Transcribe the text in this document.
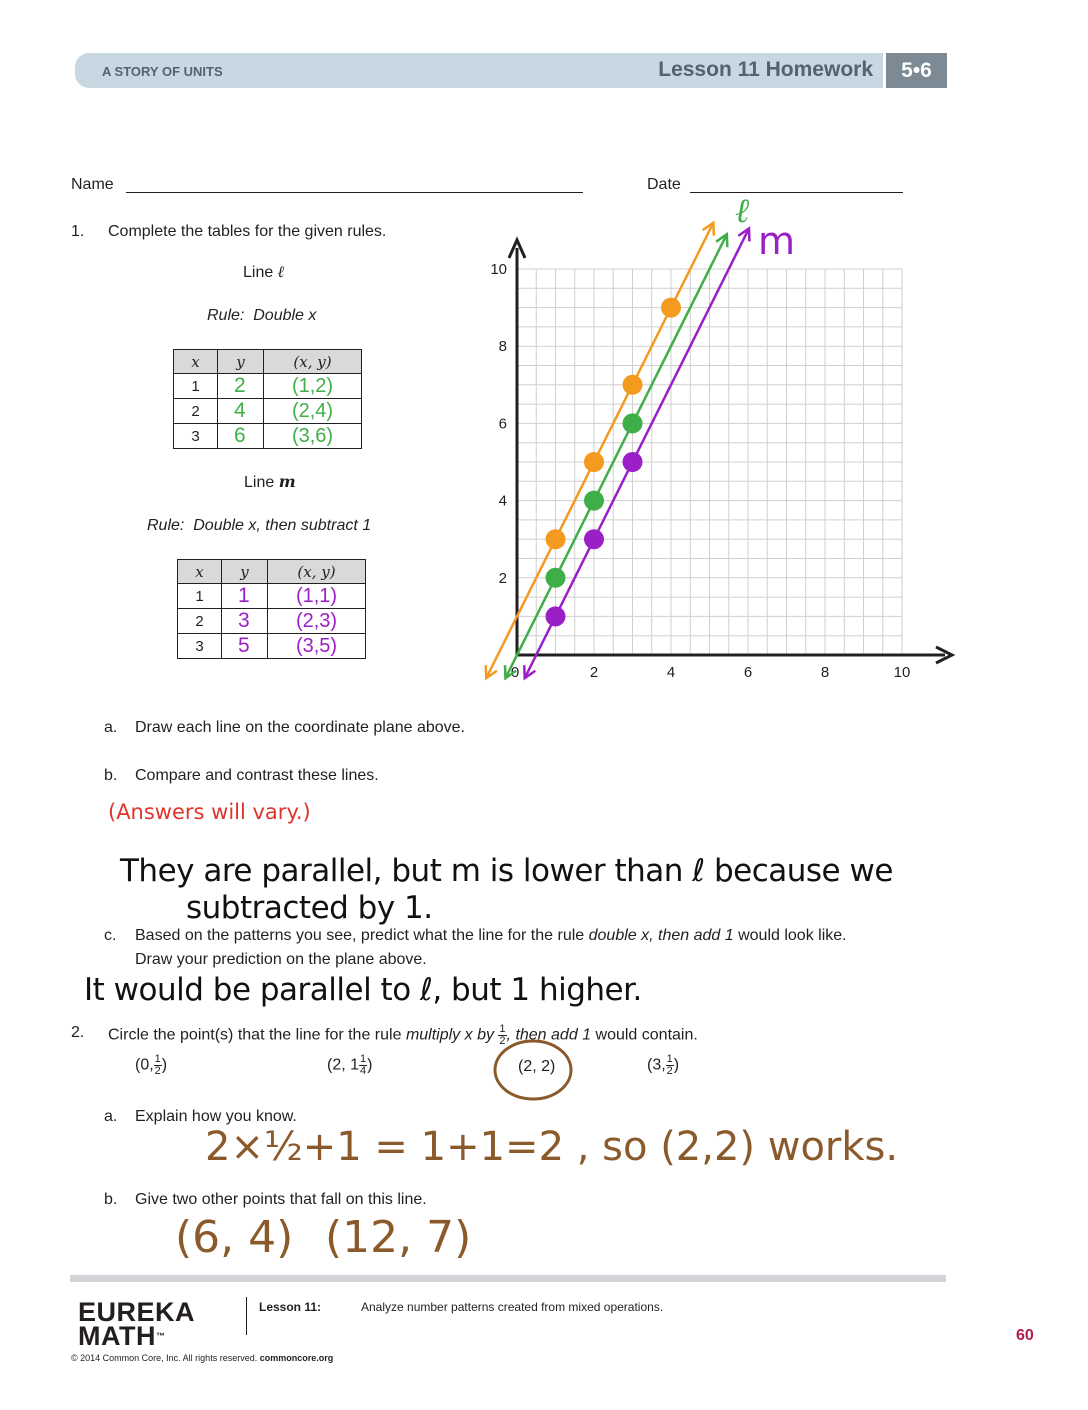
A STORY OF UNITS	Lesson 11 Homework	5•6
Name	Date
1. Complete the tables for the given rules.
Line ℓ
Rule:  Double x
x	y	(x, y)
1	2	(1,2)
2	4	(2,4)
3	6	(3,6)
Line m
Rule:  Double x, then subtract 1
x	y	(x, y)
1	1	(1,1)
2	3	(2,3)
3	5	(3,5)
0	2	4	6	8	10
2
4
6
8
10
ℓ
m
a. Draw each line on the coordinate plane above.
b. Compare and contrast these lines.
(Answers will vary.)
They are parallel, but m is lower than ℓ because we
subtracted by 1.
c. Based on the patterns you see, predict what the line for the rule double x, then add 1 would look like.
Draw your prediction on the plane above.
It would be parallel to ℓ, but 1 higher.
2. Circle the point(s) that the line for the rule multiply x by $\frac{1}{2}$ , then add 1 would contain.
(0, $\frac{1}{2}$ )	(2, $1 \frac{1}{4}$ )	(2, 2)	(3, $\frac{1}{2}$ )
a. Explain how you know.
2×½+1 = 1+1=2 , so (2,2) works.
b. Give two other points that fall on this line.
(6, 4) (12, 7)
EUREKA
MATH™
Lesson 11:	Analyze number patterns created from mixed operations.
© 2014 Common Core, Inc. All rights reserved. commoncore.org
60
